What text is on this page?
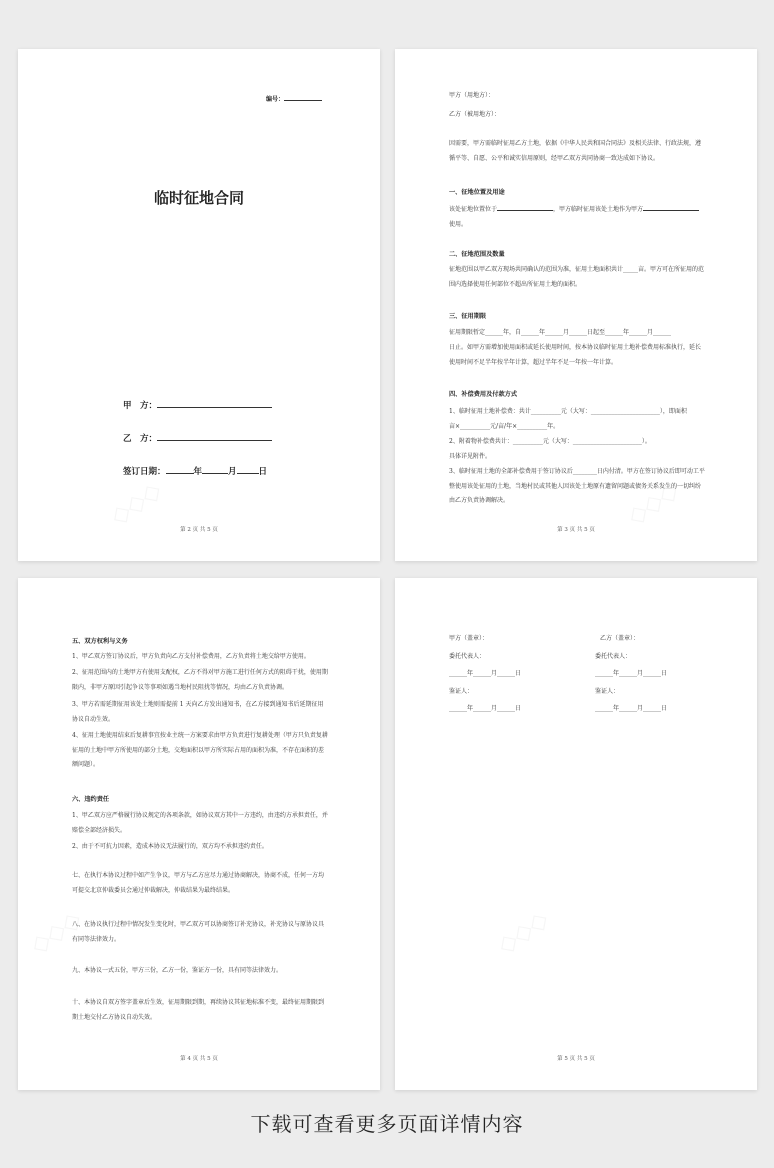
编号：
临时征地合同
甲　方：
乙　方：
签订日期：	年	月	日
第 2 页 共 5 页
甲方（用地方）：
乙方（被用地方）：
因需要，甲方需临时征用乙方土地，依据《中华人民共和国合同法》及相关法律、行政法规，遵循平等、自愿、公平和诚实信用原则，经甲乙双方共同协商一致达成如下协议。
一、征地位置及用途
该处征地位置位于	，甲方临时征用该处土地作为甲方
使用。
二、征地范围及数量
征地范围以甲乙双方现场共同确认的范围为准，征用土地面积共计_____亩。甲方可在所征用的范围内选择使用任何部位不超出所征用土地的面积。
三、征用期限
征用期限暂定______年，自______年______月______日起至______年______月______
日止。如甲方需增加使用面积或延长使用时间，按本协议临时征用土地补偿费用标准执行，延长使用时间不足半年按半年计算，超过半年不足一年按一年计算。
四、补偿费用及付款方式
1、临时征用土地补偿费：共计__________元（大写：_______________________），即面积
亩×__________元/亩/年×__________年。
2、附着物补偿费共计：__________元（大写：_______________________）。
具体详见附件。
3、临时征用土地的全部补偿费用于签订协议后________日内付清。甲方在签订协议后即可动工平整使用该处征用的土地，当地村民或其他人因该处土地原有遗留问题或债务关系发生的一切纠纷由乙方负责协调解决。
第 3 页 共 5 页
五、双方权利与义务
1、甲乙双方签订协议后，甲方负责向乙方支付补偿费用，乙方负责将土地交给甲方使用。
2、征用范围内的土地甲方有使用支配权，乙方不得对甲方施工进行任何方式的阻碍干扰，使用期限内，非甲方原因引起争议等事项如遇当地村民阻扰等情况，均由乙方负责协调。
3、甲方若需延期征用该处土地则需提前 1 天向乙方发出通知书，在乙方接到通知书后延期征用协议自动生效。
4、征用土地使用结束后复耕事宜按业主统一方案要求由甲方负责进行复耕处理（甲方只负责复耕征用的土地中甲方所使用的部分土地，交地面积以甲方所实际占用的面积为准，不存在面积的差额问题）。
六、违约责任
1、甲乙双方应严格履行协议规定的各项条款，如协议双方其中一方违约，由违约方承担责任，并赔偿全部经济损失。
2、由于不可抗力因素，造成本协议无法履行的，双方均不承担违约责任。
七、在执行本协议过程中如产生争议，甲方与乙方应尽力通过协商解决，协商不成，任何一方均可提交北京仲裁委员会通过仲裁解决，仲裁结果为最终结果。
八、在协议执行过程中情况发生变化时，甲乙双方可以协商签订补充协议，补充协议与原协议具有同等法律效力。
九、本协议一式五份，甲方三份，乙方一份，鉴证方一份，具有同等法律效力。
十、本协议自双方签字盖章后生效，征用期限到期，再续协议其征地标准不变，最终征用期限到期土地交付乙方协议自动失效。
第 4 页 共 5 页
甲方（盖章）：	乙方（盖章）：
委托代表人：	委托代表人：
______年______月______日	______年______月______日
鉴证人：	鉴证人：
______年______月______日	______年______月______日
第 5 页 共 5 页
下载可查看更多页面详情内容
